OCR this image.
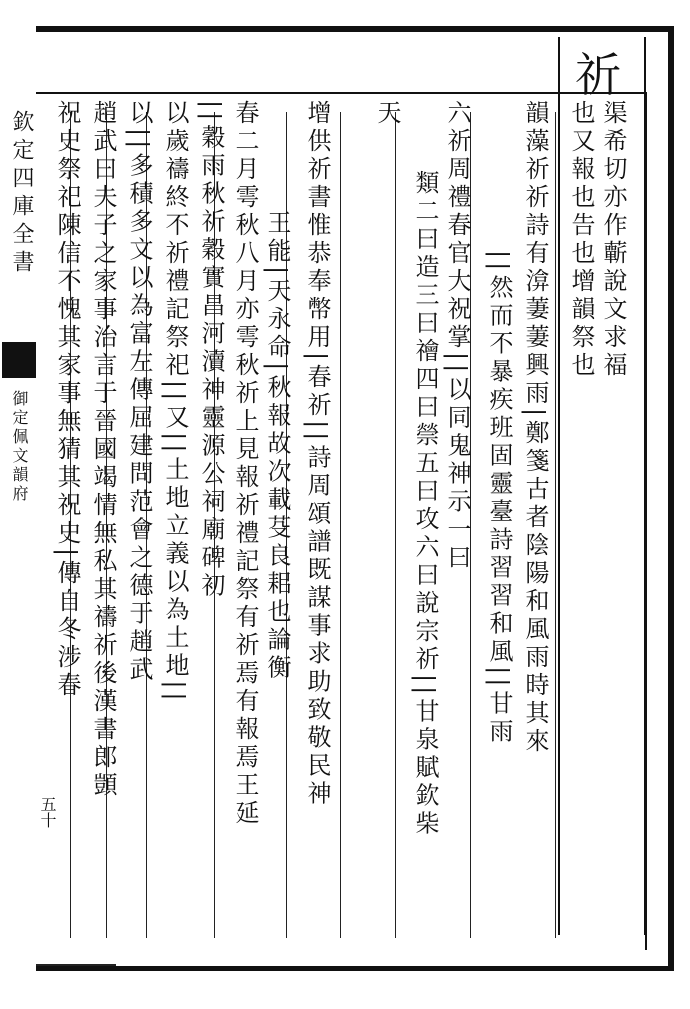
祈
渠希切亦作蘄說文求福
也又報也告也增韻祭也
韻藻祈祈詩有渰萋萋興雨|鄭箋古者陰陽和風雨時其來
||然而不暴疾班固靈臺詩習習和風||甘雨
六祈周禮春官大祝掌||以同鬼神示一曰
類二曰造三曰禬四曰禜五曰攻六曰說宗祈||甘泉賦欽柴
天
增供祈書惟恭奉幣用|春祈||詩周頌譜既謀事求助致敬民神
王能|天永命|秋報故次載芟良耜也論衡
春二月雩秋八月亦雩秋祈上見報祈禮記祭有祈焉有報焉王延
||穀雨秋祈穀實昌河瀆神靈源公祠廟碑初
以歲禱終不祈禮記祭祀||又||土地立義以為土地||
以||多積多文以為富左傳屈建問范會之德于趙武
趙武曰夫子之家事治言于晉國竭情無私其禱祈後漢書郎顗
祝史祭祀陳信不愧其家事無猜其祝史|傳自冬涉春
欽定四庫全書
御定佩文韻府
五十
